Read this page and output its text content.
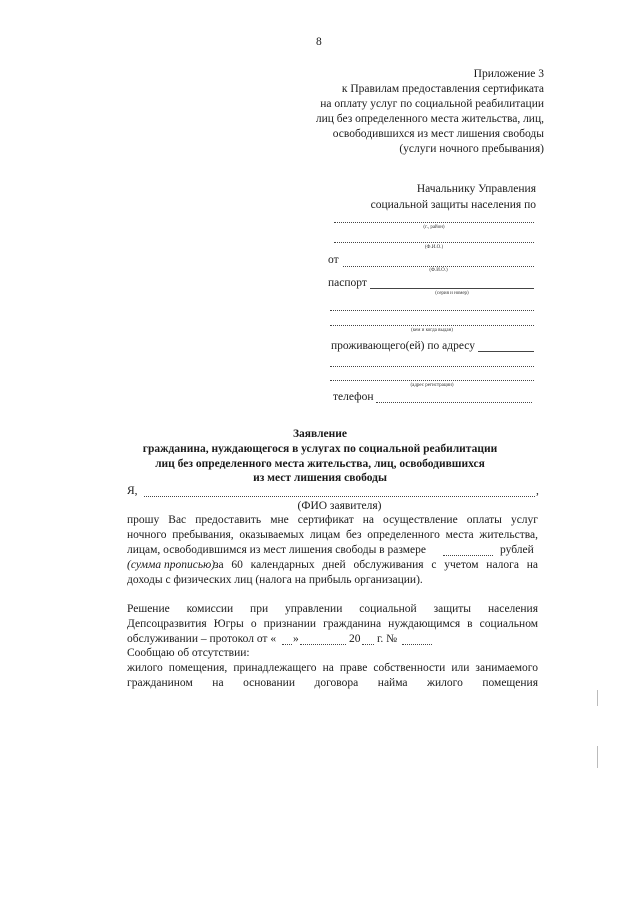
8
Приложение 3
к Правилам предоставления сертификата
на оплату услуг по социальной реабилитации
лиц без определенного места жительства, лиц,
освободившихся из мест лишения свободы
(услуги ночного пребывания)
Начальнику Управления
социальной защиты населения по
(г., район)
(Ф.И.О.)
от
(Ф.И.О.)
паспорт
(серия и номер)
(кем и когда выдан)
проживающего(ей) по адресу
(адрес регистрации)
телефон
Заявление
гражданина, нуждающегося в услугах по социальной реабилитации
лиц без определенного места жительства, лиц, освободившихся
из мест лишения свободы
Я,	,
(ФИО заявителя)
прошу Вас предоставить мне сертификат на осуществление оплаты услуг
ночного пребывания, оказываемых лицам без определенного места жительства,
лицам, освободившимся из мест лишения свободы в размере	рублей
(сумма прописью)
за 60 календарных дней обслуживания с учетом налога на
доходы с физических лиц (налога на прибыль организации).
Решение комиссии при управлении социальной защиты населения
Депсоцразвития Югры о признании гражданина нуждающимся в социальном
обслуживании – протокол от « »	20 г. №
Сообщаю об отсутствии:
жилого помещения, принадлежащего на праве собственности или занимаемого
гражданином на основании договора найма жилого помещения
